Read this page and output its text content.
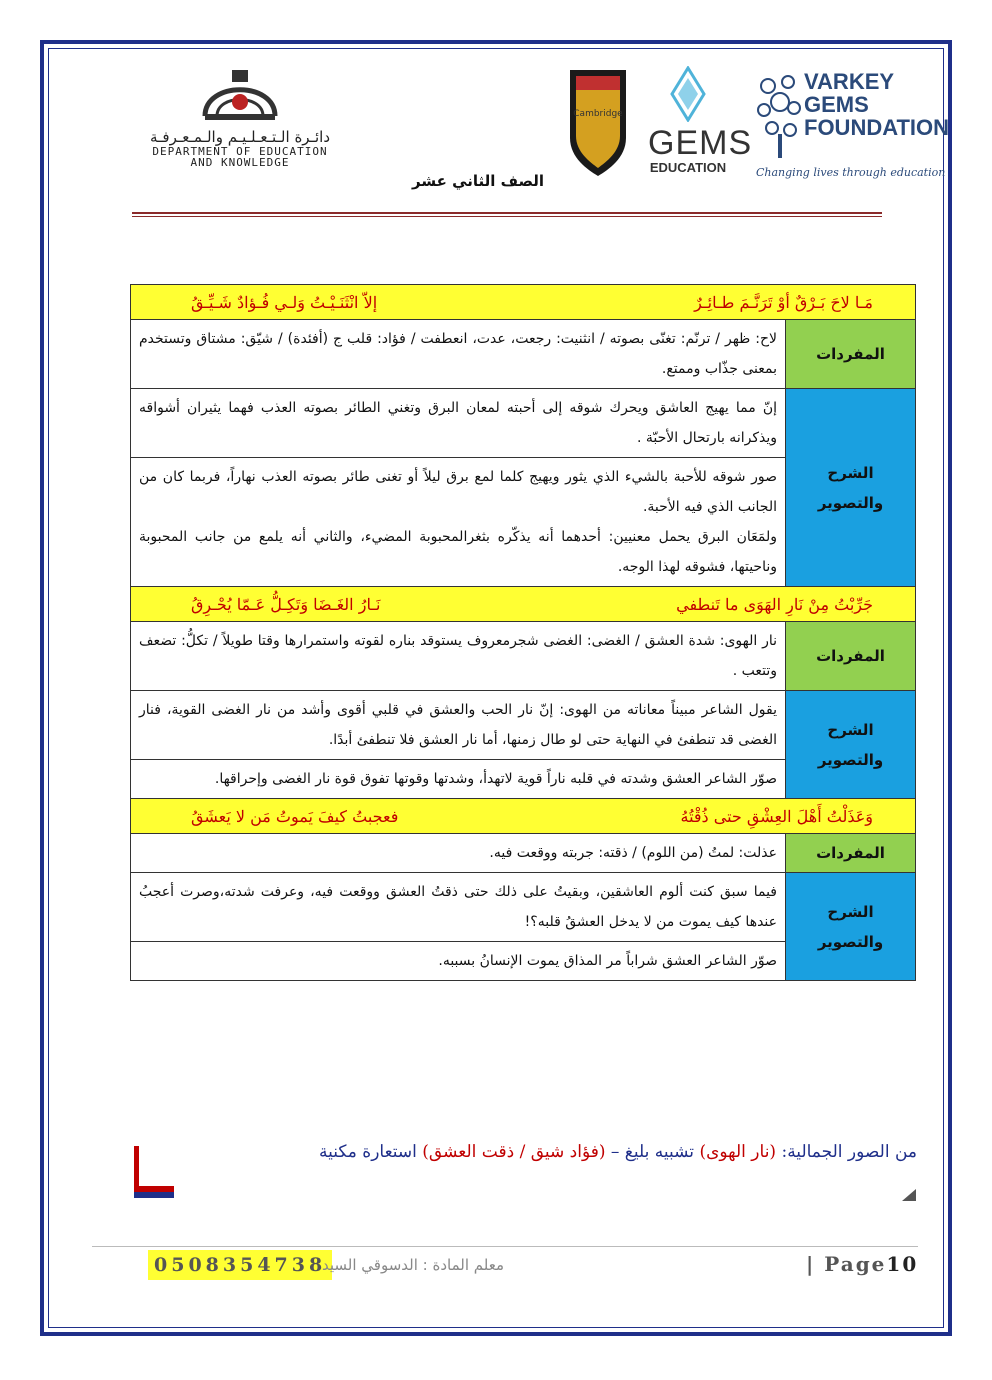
دائـرة الـتـعـلـيـم والـمـعـرفـة
DEPARTMENT OF EDUCATION
AND KNOWLEDGE
Cambridge
GEMS
EDUCATION
VARKEY
GEMS
FOUNDATION
Changing lives through education
الصف الثاني عشر
مَـا لاحَ بَـرْقٌ أوْ تَرَنَّـمَ طـائِـرٌ
إلاّ انْثَنَـيْـتُ وَلـي فُـؤادٌ شَـيِّـقُ	

المفردات	لاح: ظهر / ترنّم: تغنّى بصوته / انثنيت: رجعت، عدت، انعطفت / فؤاد: قلب ج (أفئدة) / شيّق: مشتاق وتستخدم بمعنى جذّاب وممتع.

الشرح
والتصوير	إنّ مما يهيج العاشق ويحرك شوقه إلى أحبته لمعان البرق وتغني الطائر بصوته العذب فهما يثيران أشواقه ويذكرانه بارتحال الأحبّة .

	صور شوقه للأحبة بالشيء الذي يثور ويهيج كلما لمع برق ليلاً أو تغنى طائر بصوته العذب نهاراً، فربما كان من الجانب الذي فيه الأحبة.
ولمَعَان البرق يحمل معنيين: أحدهما أنه يذكّره بثغرالمحبوبة المضيء، والثاني أنه يلمع من جانب المحبوبة وناحيتها، فشوقه لهذا الوجه.

جَرِّبْتُ مِنْ نَارِ الهَوَى ما تَنطفي
نَـارُ الغَـضَا وَتَكِـلُّ عَـمّا يُحْـرِقُ	

المفردات	نار الهوى: شدة العشق / الغضى: الغضى شجرمعروف يستوقد بناره لقوته واستمرارها وقتا طويلاً / تكلُّ: تضعف وتتعب .

الشرح
والتصوير	يقول الشاعر مبيناً معاناته من الهوى: إنّ نار الحب والعشق في قلبي أقوى وأشد من نار الغضى القوية، فنار الغضى قد تنطفئ في النهاية حتى لو طال زمنها، أما نار العشق فلا تنطفئ أبدًا.
	صوّر الشاعر العشق وشدته في قلبه ناراً قوية لاتهدأ، وشدتها وقوتها تفوق قوة نار الغضى وإحراقها.

وَعَذَلْتُ أَهْلَ العِشْقِ حتى ذُقْتُهُ
فعجبتُ كيفَ يَموتُ مَن لا يَعشَقُ	

المفردات	عذلت: لمتُ (من اللوم) / ذقته: جربته ووقعت فيه.

الشرح
والتصوير	فيما سبق كنت ألوم العاشقين، وبقيتُ على ذلك حتى ذقتُ العشق ووقعت فيه، وعرفت شدته،وصرت أعجبُ عندها كيف يموت من لا يدخل العشقُ قلبه؟!
	صوّر الشاعر العشق شراباً مر المذاق يموت الإنسانُ بسببه.
من الصور الجمالية: (نار الهوى) تشبيه بليغ – (فؤاد شيق / ذقت العشق) استعارة مكنية
0508354738
معلم المادة : الدسوقي السيد	| Page10
